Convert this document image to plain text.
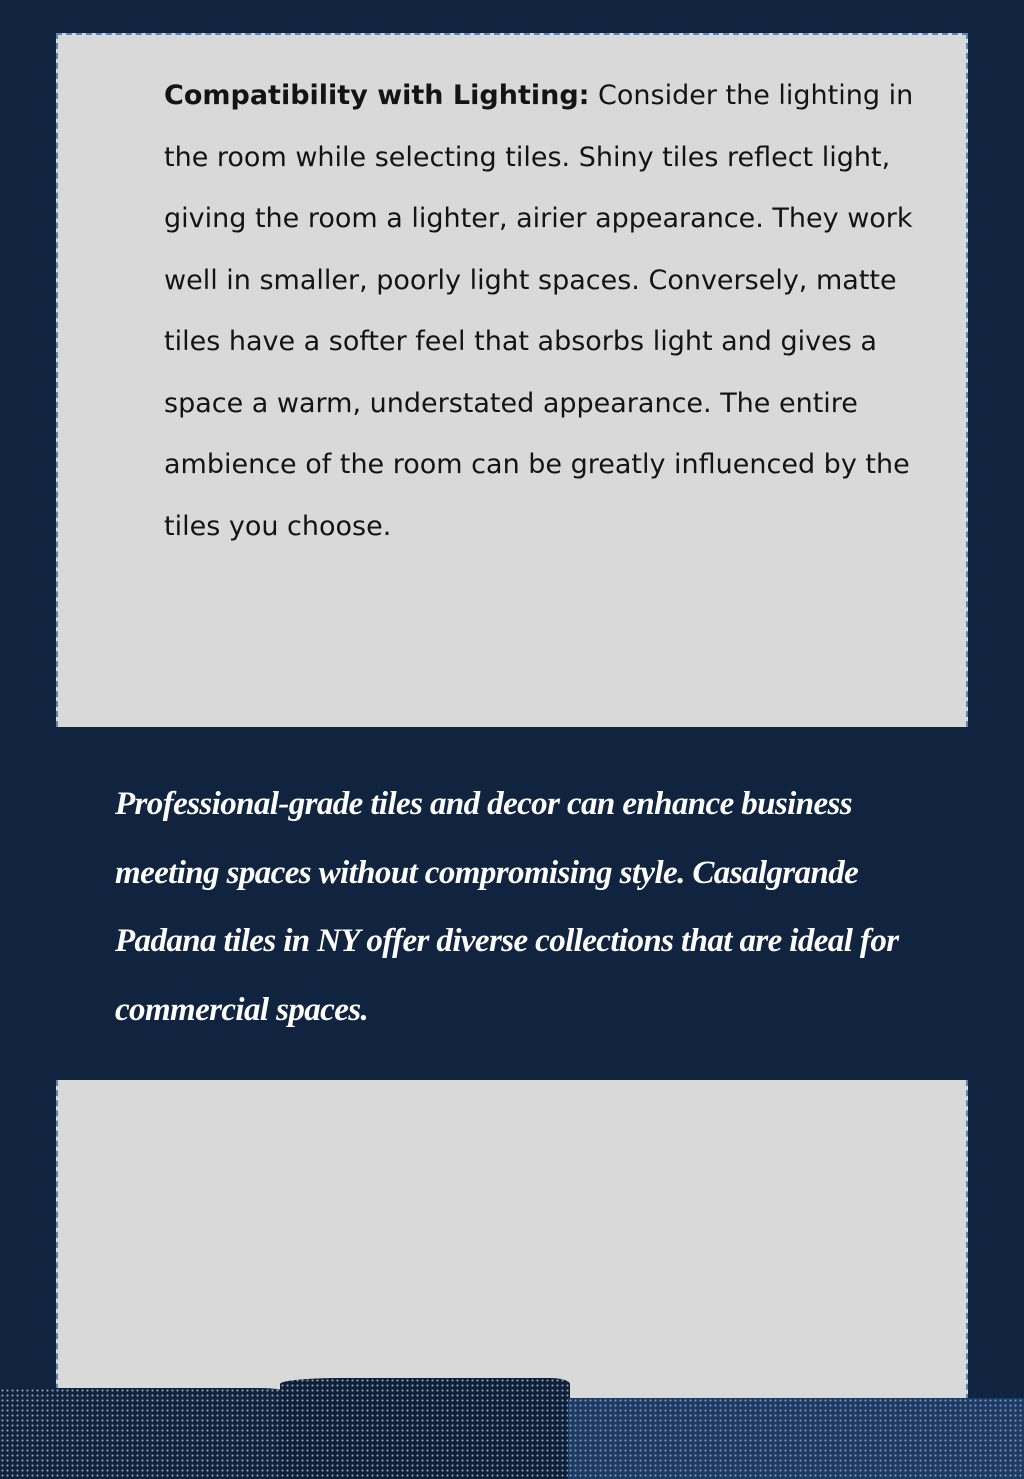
Compatibility with Lighting: Consider the lighting in the room while selecting tiles. Shiny tiles reflect light, giving the room a lighter, airier appearance. They work well in smaller, poorly light spaces. Conversely, matte tiles have a softer feel that absorbs light and gives a space a warm, understated appearance. The entire ambience of the room can be greatly influenced by the tiles you choose.

Professional-grade tiles and decor can enhance business meeting spaces without compromising style. Casalgrande Padana tiles in NY offer diverse collections that are ideal for commercial spaces.
